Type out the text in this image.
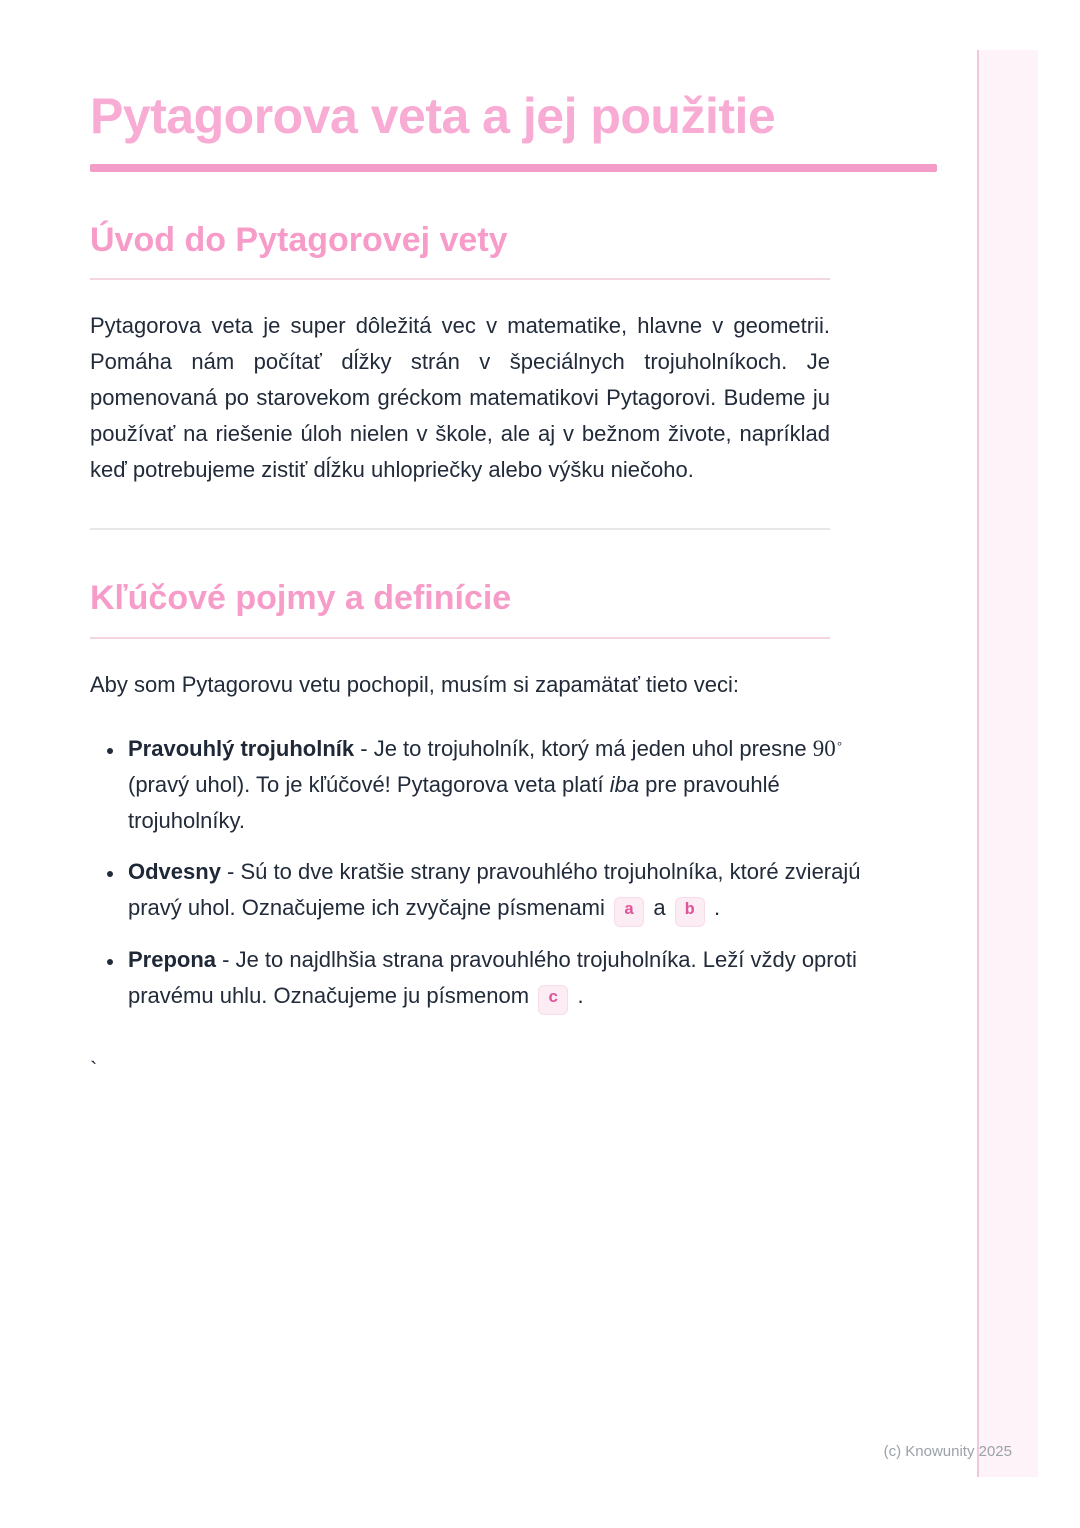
Pytagorova veta a jej použitie
Úvod do Pytagorovej vety

Pytagorova veta je super dôležitá vec v matematike, hlavne v geometrii. Pomáha nám počítať dĺžky strán v špeciálnych trojuholníkoch. Je pomenovaná po starovekom gréckom matematikovi Pytagorovi. Budeme ju používať na riešenie úloh nielen v škole, ale aj v bežnom živote, napríklad keď potrebujeme zistiť dĺžku uhlopriečky alebo výšku niečoho.

Kľúčové pojmy a definície

Aby som Pytagorovu vetu pochopil, musím si zapamätať tieto veci:

• Pravouhlý trojuholník - Je to trojuholník, ktorý má jeden uhol presne 90∘ (pravý uhol). To je kľúčové! Pytagorova veta platí iba pre pravouhlé trojuholníky.
• Odvesny - Sú to dve kratšie strany pravouhlého trojuholníka, ktoré zvierajú pravý uhol. Označujeme ich zvyčajne písmenami a a b .
• Prepona - Je to najdlhšia strana pravouhlého trojuholníka. Leží vždy oproti pravému uhlu. Označujeme ju písmenom c .
`
(c) Knowunity 2025
